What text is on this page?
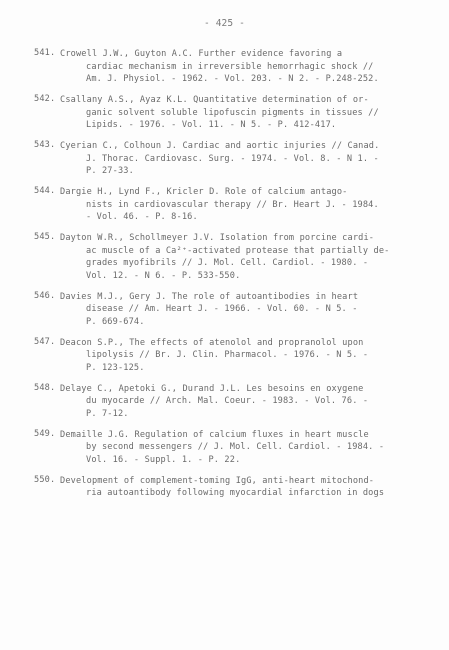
- 425 -
541. Crowell J.W., Guyton A.C. Further evidence favoring a
cardiac mechanism in irreversible hemorrhagic shock //
Am. J. Physiol. - 1962. - Vol. 203. - N 2. - P.248-252.
542. Csallany A.S., Ayaz K.L. Quantitative determination of or-
ganic solvent soluble lipofuscin pigments in tissues //
Lipids. - 1976. - Vol. 11. - N 5. - P. 412-417.
543. Cyerian C., Colhoun J. Cardiac and aortic injuries // Canad.
J. Thorac. Cardiovasc. Surg. - 1974. - Vol. 8. - N 1. -
P. 27-33.
544. Dargie H., Lynd F., Kricler D. Role of calcium antago-
nists in cardiovascular therapy // Br. Heart J. - 1984.
- Vol. 46. - P. 8-16.
545. Dayton W.R., Schollmeyer J.V. Isolation from porcine cardi-
ac muscle of a Ca²⁺-activated protease that partially de-
grades myofibrils // J. Mol. Cell. Cardiol. - 1980. -
Vol. 12. - N 6. - P. 533-550.
546. Davies M.J., Gery J. The role of autoantibodies in heart
disease // Am. Heart J. - 1966. - Vol. 60. - N 5. -
P. 669-674.
547. Deacon S.P., The effects of atenolol and propranolol upon
lipolysis // Br. J. Clin. Pharmacol. - 1976. - N 5. -
P. 123-125.
548. Delaye C., Apetoki G., Durand J.L. Les besoins en oxygene
du myocarde // Arch. Mal. Coeur. - 1983. - Vol. 76. -
P. 7-12.
549. Demaille J.G. Regulation of calcium fluxes in heart muscle
by second messengers // J. Mol. Cell. Cardiol. - 1984. -
Vol. 16. - Suppl. 1. - P. 22.
550. Development of complement-toming IgG, anti-heart mitochond-
ria autoantibody following myocardial infarction in dogs
